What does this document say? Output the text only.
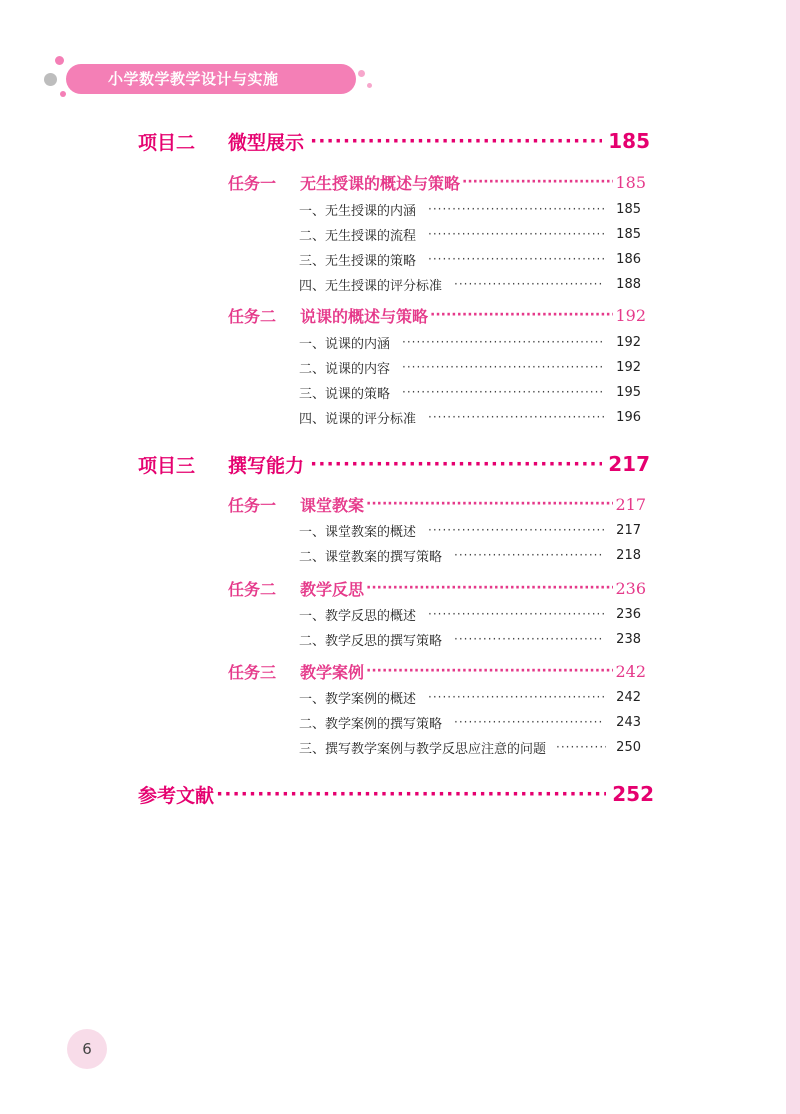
小学数学教学设计与实施
项目二	微型展示 ·····	185
任务一	无生授课的概述与策略 ·····	185
一、无生授课的内涵 ·····	185
二、无生授课的流程 ·····	185
三、无生授课的策略 ·····	186
四、无生授课的评分标准 ·····	188
任务二	说课的概述与策略 ·····	192
一、说课的内涵 ·····	192
二、说课的内容 ·····	192
三、说课的策略 ·····	195
四、说课的评分标准 ·····	196
项目三	撰写能力 ·····	217
任务一	课堂教案 ·····	217
一、课堂教案的概述 ·····	217
二、课堂教案的撰写策略 ·····	218
任务二	教学反思 ·····	236
一、教学反思的概述 ·····	236
二、教学反思的撰写策略 ·····	238
任务三	教学案例 ·····	242
一、教学案例的概述 ·····	242
二、教学案例的撰写策略 ·····	243
三、撰写教学案例与教学反思应注意的问题 ·····	250
参考文献 ·····	252
6
